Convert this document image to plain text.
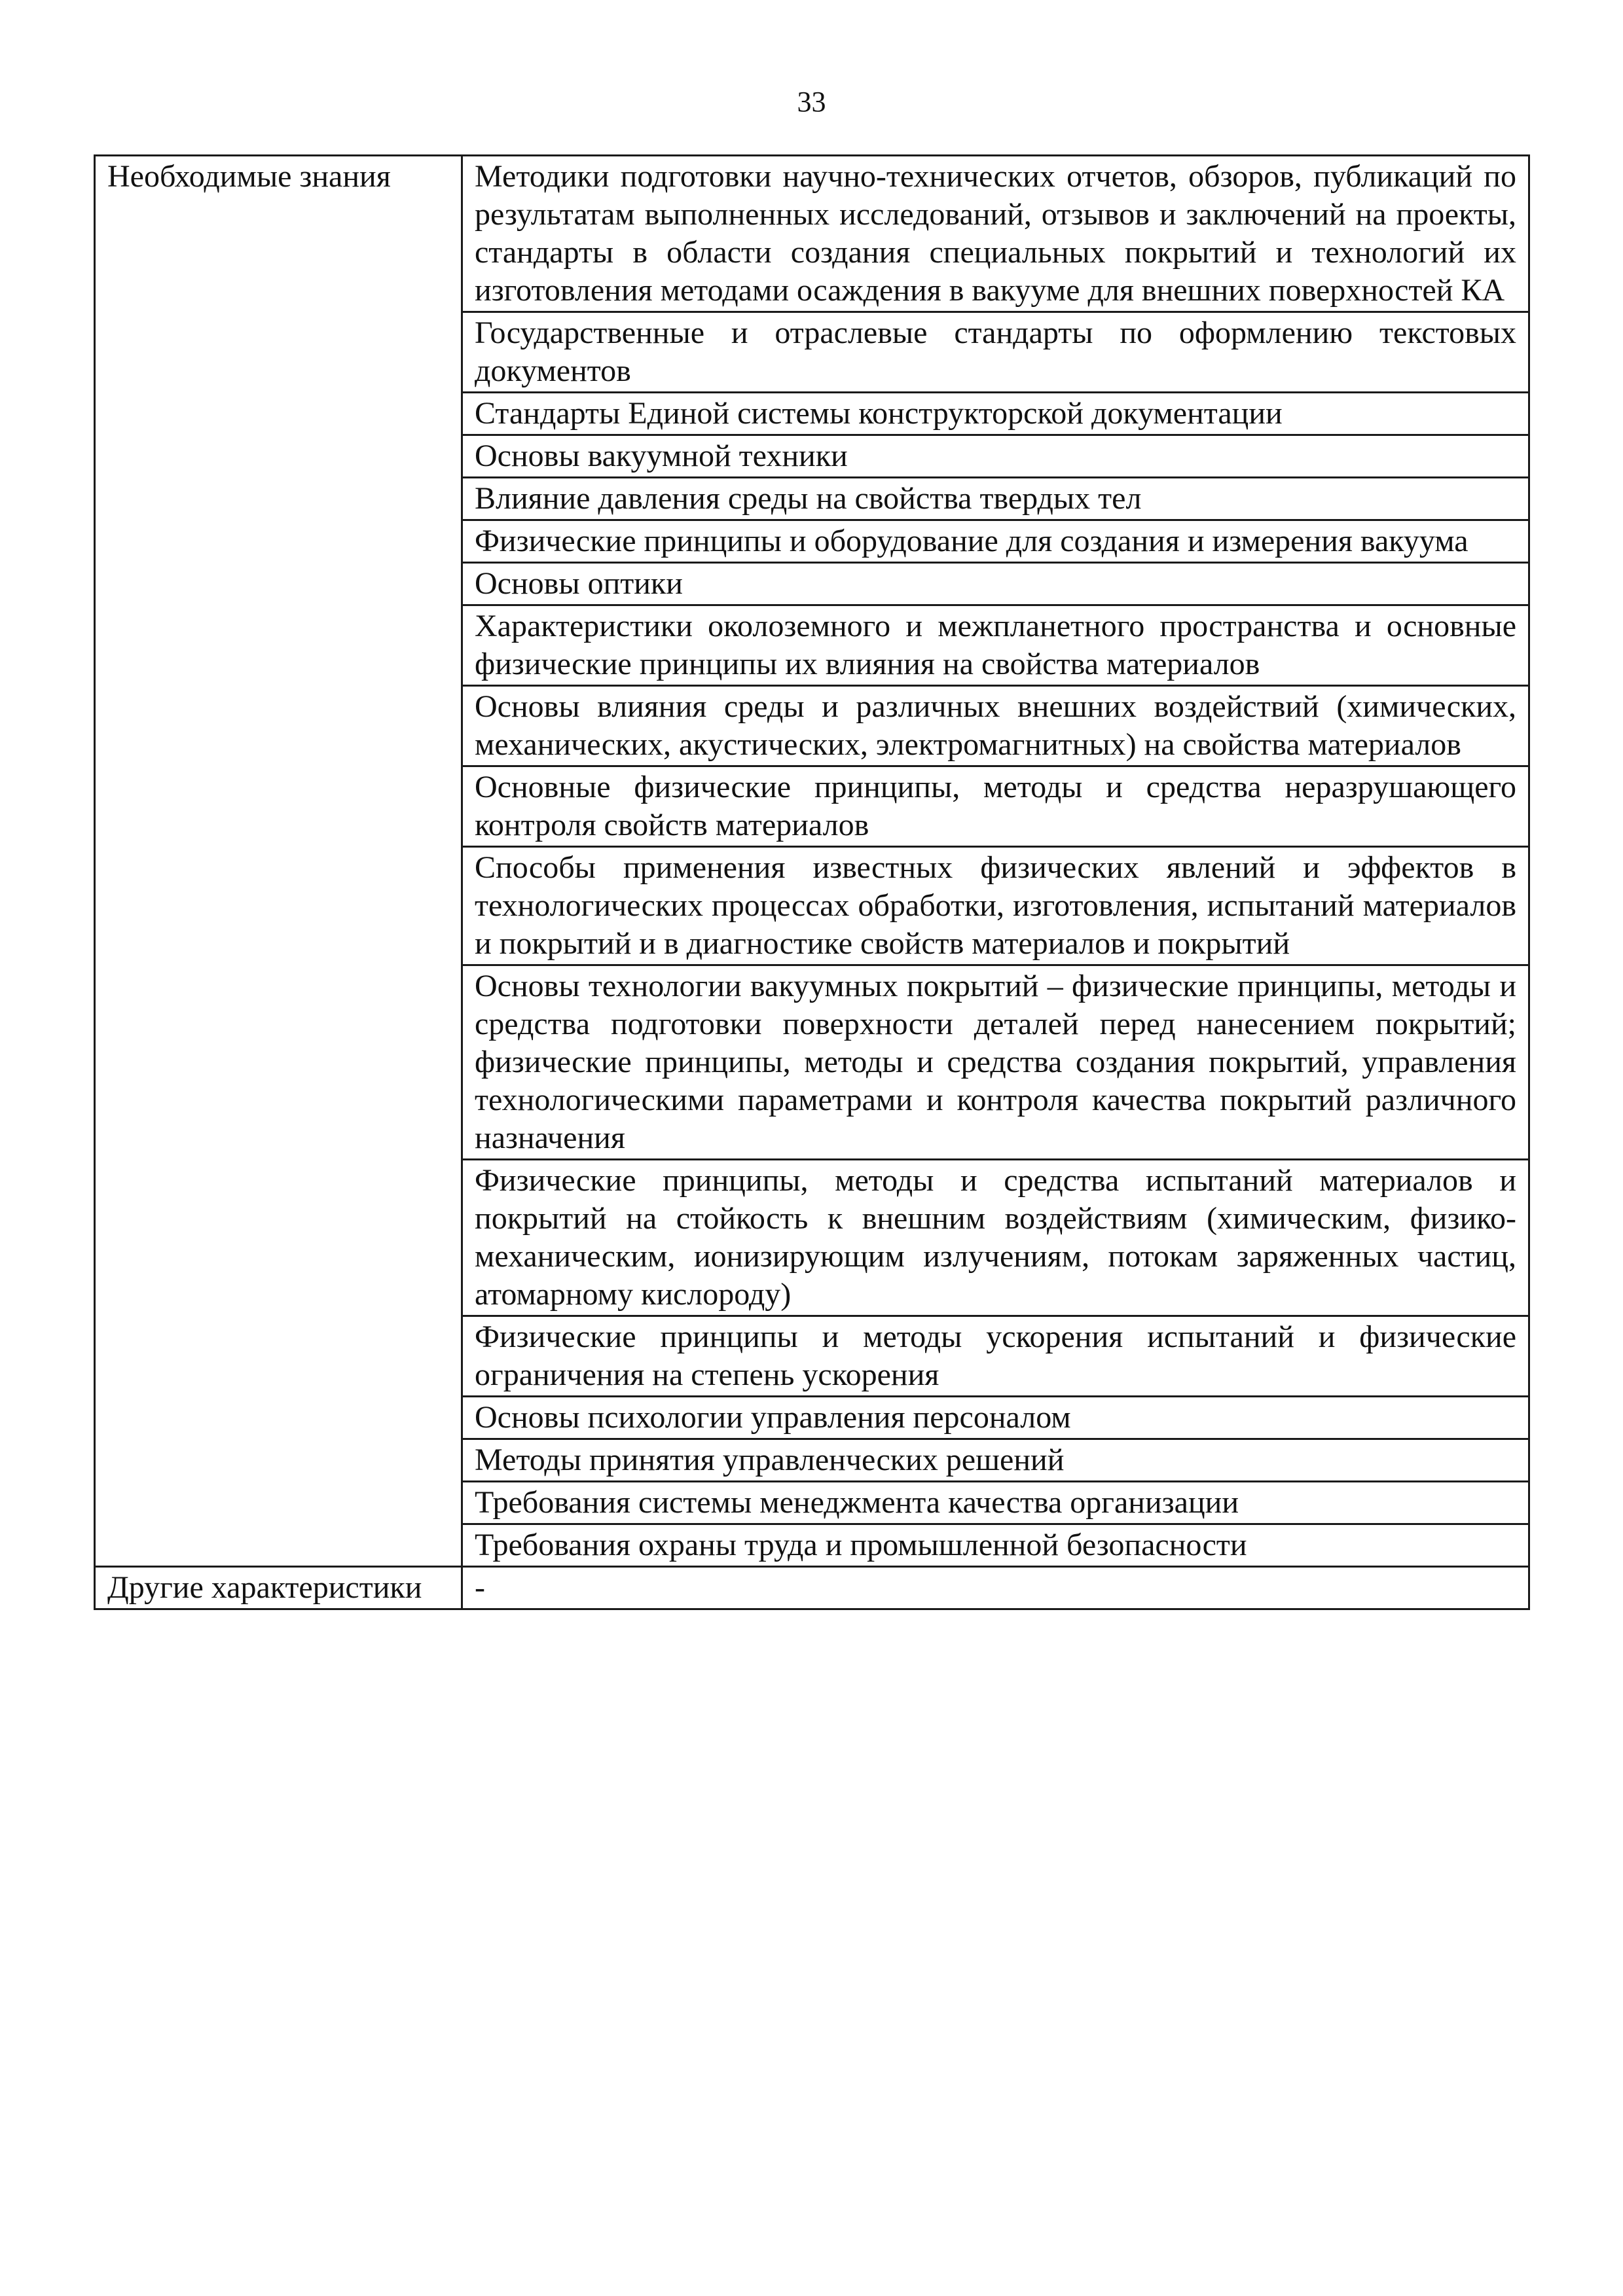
33
Необходимые знания	Методики подготовки научно-технических отчетов, обзоров, публикаций по результатам выполненных исследований, отзывов и заключений на проекты, стандарты в области создания специальных покрытий и технологий их изготовления методами осаждения в вакууме для внешних поверхностей КА
	Государственные и отраслевые стандарты по оформлению текстовых документов
	Стандарты Единой системы конструкторской документации
	Основы вакуумной техники
	Влияние давления среды на свойства твердых тел
	Физические принципы и оборудование для создания и измерения вакуума
	Основы оптики
	Характеристики околоземного и межпланетного пространства и основные физические принципы их влияния на свойства материалов
	Основы влияния среды и различных внешних воздействий (химических, механических, акустических, электромагнитных) на свойства материалов
	Основные физические принципы, методы и средства неразрушающего контроля свойств материалов
	Способы применения известных физических явлений и эффектов в технологических процессах обработки, изготовления, испытаний материалов и покрытий и в диагностике свойств материалов и покрытий
	Основы технологии вакуумных покрытий – физические принципы, методы и средства подготовки поверхности деталей перед нанесением покрытий; физические принципы, методы и средства создания покрытий, управления технологическими параметрами и контроля качества покрытий различного назначения
	Физические принципы, методы и средства испытаний материалов и покрытий на стойкость к внешним воздействиям (химическим, физико-механическим, ионизирующим излучениям, потокам заряженных частиц, атомарному кислороду)
	Физические принципы и методы ускорения испытаний и физические ограничения на степень ускорения
	Основы психологии управления персоналом
	Методы принятия управленческих решений
	Требования системы менеджмента качества организации
	Требования охраны труда и промышленной безопасности
Другие характеристики	-
